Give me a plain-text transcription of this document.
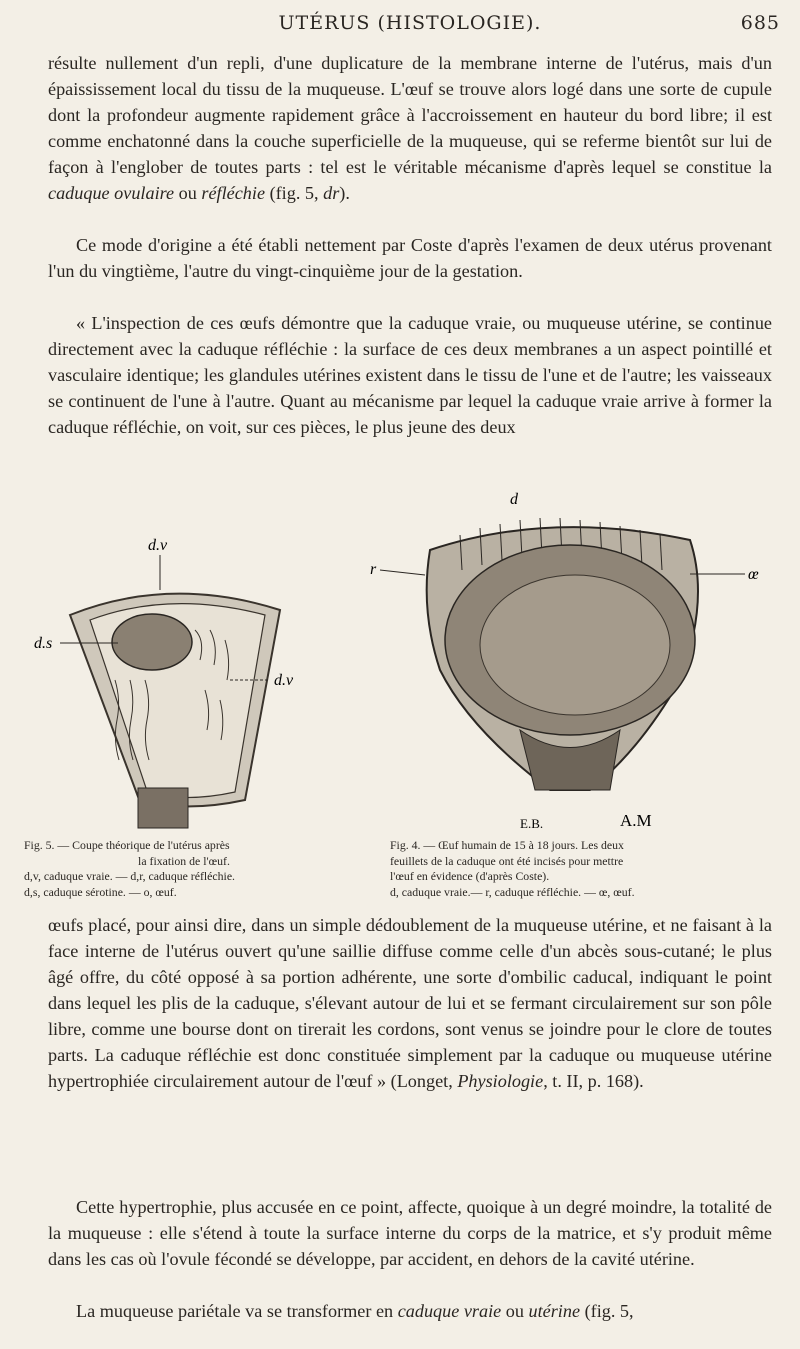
UTÉRUS (HISTOLOGIE).	685

résulte nullement d'un repli, d'une duplicature de la membrane interne de l'utérus, mais d'un épaississement local du tissu de la muqueuse. L'œuf se trouve alors logé dans une sorte de cupule dont la profondeur augmente rapidement grâce à l'accroissement en hauteur du bord libre; il est comme enchatonné dans la couche superficielle de la muqueuse, qui se referme bientôt sur lui de façon à l'englober de toutes parts : tel est le véritable mécanisme d'après lequel se constitue la caduque ovulaire ou réfléchie (fig. 5, dr).

Ce mode d'origine a été établi nettement par Coste d'après l'examen de deux utérus provenant l'un du vingtième, l'autre du vingt-cinquième jour de la gestation.

« L'inspection de ces œufs démontre que la caduque vraie, ou muqueuse utérine, se continue directement avec la caduque réfléchie : la surface de ces deux membranes a un aspect pointillé et vasculaire identique; les glandules utérines existent dans le tissu de l'une et de l'autre; les vaisseaux se continuent de l'une à l'autre. Quant au mécanisme par lequel la caduque vraie arrive à former la caduque réfléchie, on voit, sur ces pièces, le plus jeune des deux

d.v
d.s
d.v
d
r	œ
E.B.	A.M
Fig. 5. — Coupe théorique de l'utérus après
la fixation de l'œuf.
d,v, caduque vraie. — d,r, caduque réfléchie.
d,s, caduque sérotine. — o, œuf.
Fig. 4. — Œuf humain de 15 à 18 jours. Les deux
feuillets de la caduque ont été incisés pour mettre
l'œuf en évidence (d'après Coste).
d, caduque vraie.— r, caduque réfléchie. — œ, œuf.

œufs placé, pour ainsi dire, dans un simple dédoublement de la muqueuse utérine, et ne faisant à la face interne de l'utérus ouvert qu'une saillie diffuse comme celle d'un abcès sous-cutané; le plus âgé offre, du côté opposé à sa portion adhérente, une sorte d'ombilic caducal, indiquant le point dans lequel les plis de la caduque, s'élevant autour de lui et se fermant circulairement sur son pôle libre, comme une bourse dont on tirerait les cordons, sont venus se joindre pour le clore de toutes parts. La caduque réfléchie est donc constituée simplement par la caduque ou muqueuse utérine hypertrophiée circulairement autour de l'œuf » (Longet, Physiologie, t. II, p. 168).

Cette hypertrophie, plus accusée en ce point, affecte, quoique à un degré moindre, la totalité de la muqueuse : elle s'étend à toute la surface interne du corps de la matrice, et s'y produit même dans les cas où l'ovule fécondé se développe, par accident, en dehors de la cavité utérine.

La muqueuse pariétale va se transformer en caduque vraie ou utérine (fig. 5,
